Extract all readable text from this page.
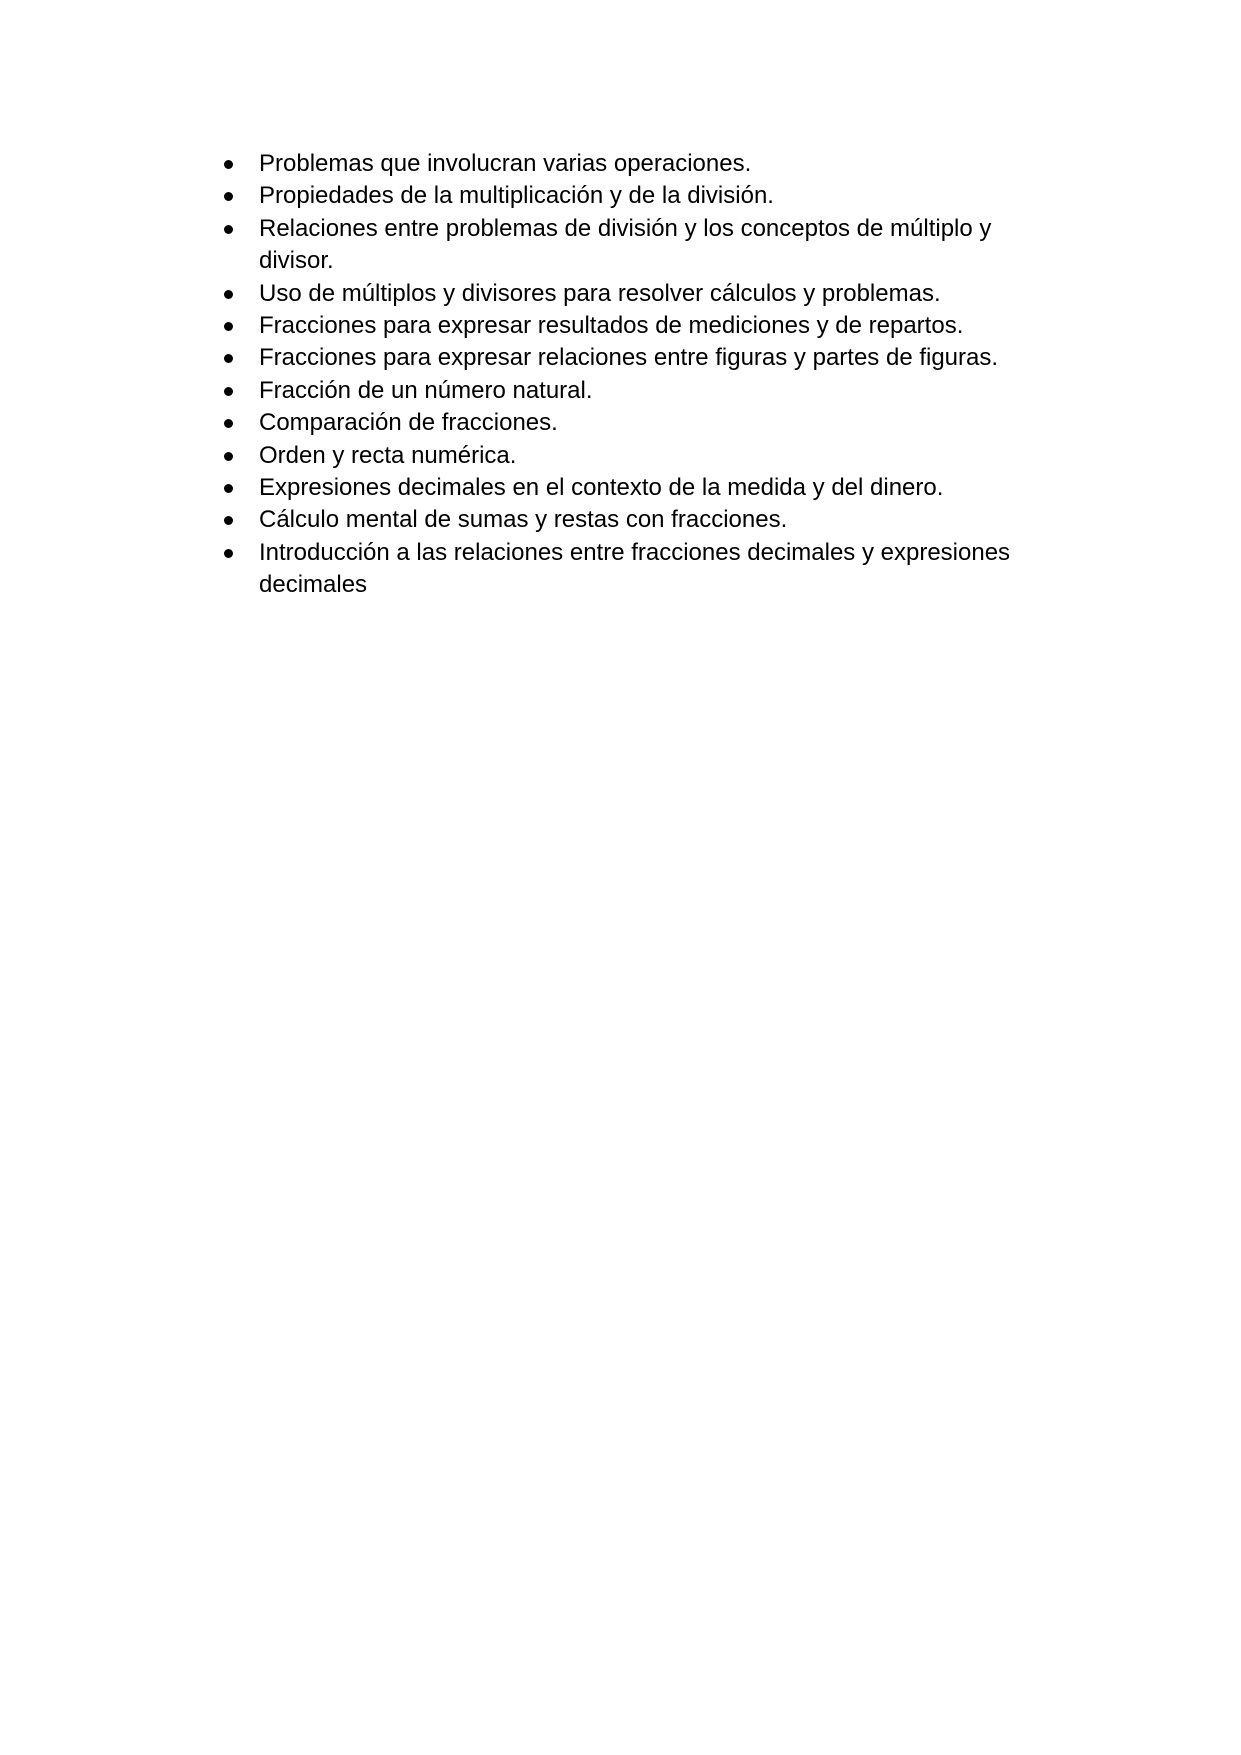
Problemas que involucran varias operaciones.
Propiedades de la multiplicación y de la división.
Relaciones entre problemas de división y los conceptos de múltiplo y divisor.
Uso de múltiplos y divisores para resolver cálculos y problemas.
Fracciones para expresar resultados de mediciones y de repartos.
Fracciones para expresar relaciones entre figuras y partes de figuras.
Fracción de un número natural.
Comparación de fracciones.
Orden y recta numérica.
Expresiones decimales en el contexto de la medida y del dinero.
Cálculo mental de sumas y restas con fracciones.
Introducción a las relaciones entre fracciones decimales y expresiones decimales
